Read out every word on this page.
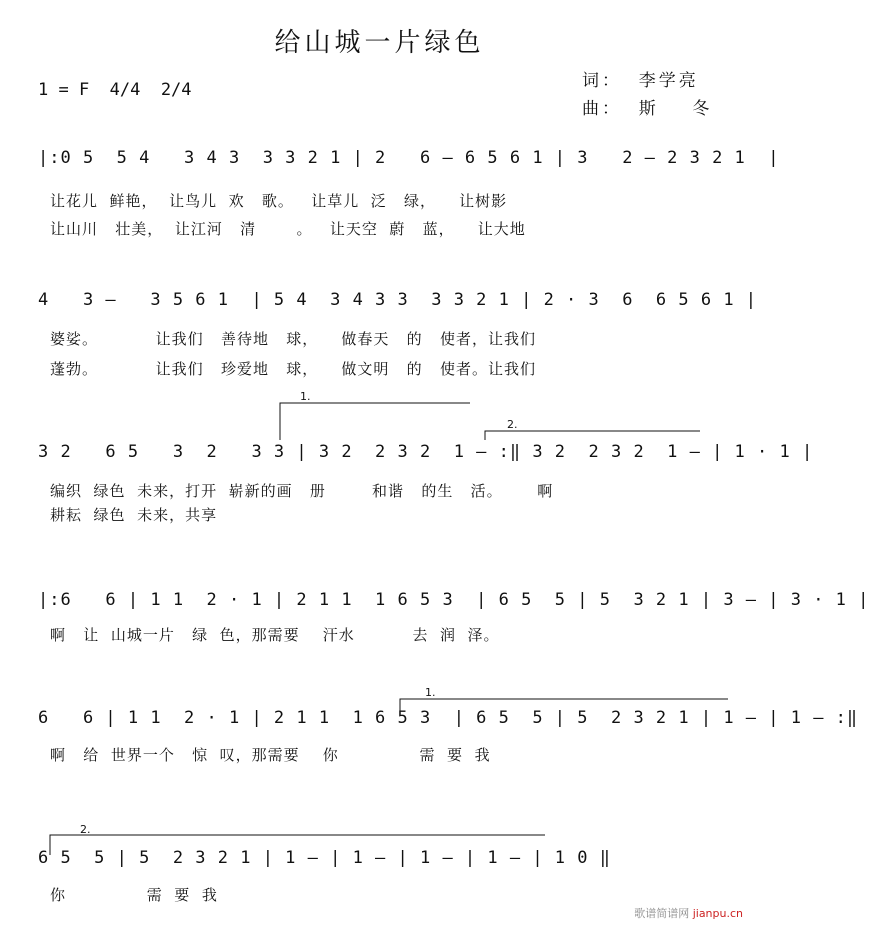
给山城一片绿色
1 = F  4/4  2/4	词：  李学亮
曲：  斯    冬
|:0 5  5 4   3 4 3  3 3 2 1 | 2   6 — 6 5 6 1 | 3   2 — 2 3 2 1  |
让花儿  鲜艳，  让鸟儿  欢   歌。   让草儿  泛   绿，    让树影
让山川   壮美，  让江河   清       。   让天空  蔚   蓝，    让大地
4   3 —   3 5 6 1  | 5 4  3 4 3 3  3 3 2 1 | 2 · 3  6  6 5 6 1 |
婆娑。          让我们   善待地   球，    做春天   的   使者，让我们
蓬勃。          让我们   珍爱地   球，    做文明   的   使者。让我们
3 2   6 5   3  2   3 3 | 3 2  2 3 2  1 – :‖ 3 2  2 3 2  1 – | 1 · 1 |
编织  绿色  未来，打开  崭新的画   册        和谐   的生   活。      啊
耕耘  绿色  未来，共享
|:6   6 | 1 1  2 · 1 | 2 1 1  1 6 5 3  | 6 5  5 | 5  3 2 1 | 3 – | 3 · 1 |
啊   让  山城一片   绿  色，那需要    汗水          去  润  泽。
6   6 | 1 1  2 · 1 | 2 1 1  1 6 5 3  | 6 5  5 | 5  2 3 2 1 | 1 – | 1 – :‖
啊   给  世界一个   惊  叹，那需要    你              需  要  我
6 5  5 | 5  2 3 2 1 | 1 – | 1 – | 1 – | 1 – | 1 0 ‖
你              需  要  我
1.
2.
1.
2.
歌谱简谱网 jianpu.cn
